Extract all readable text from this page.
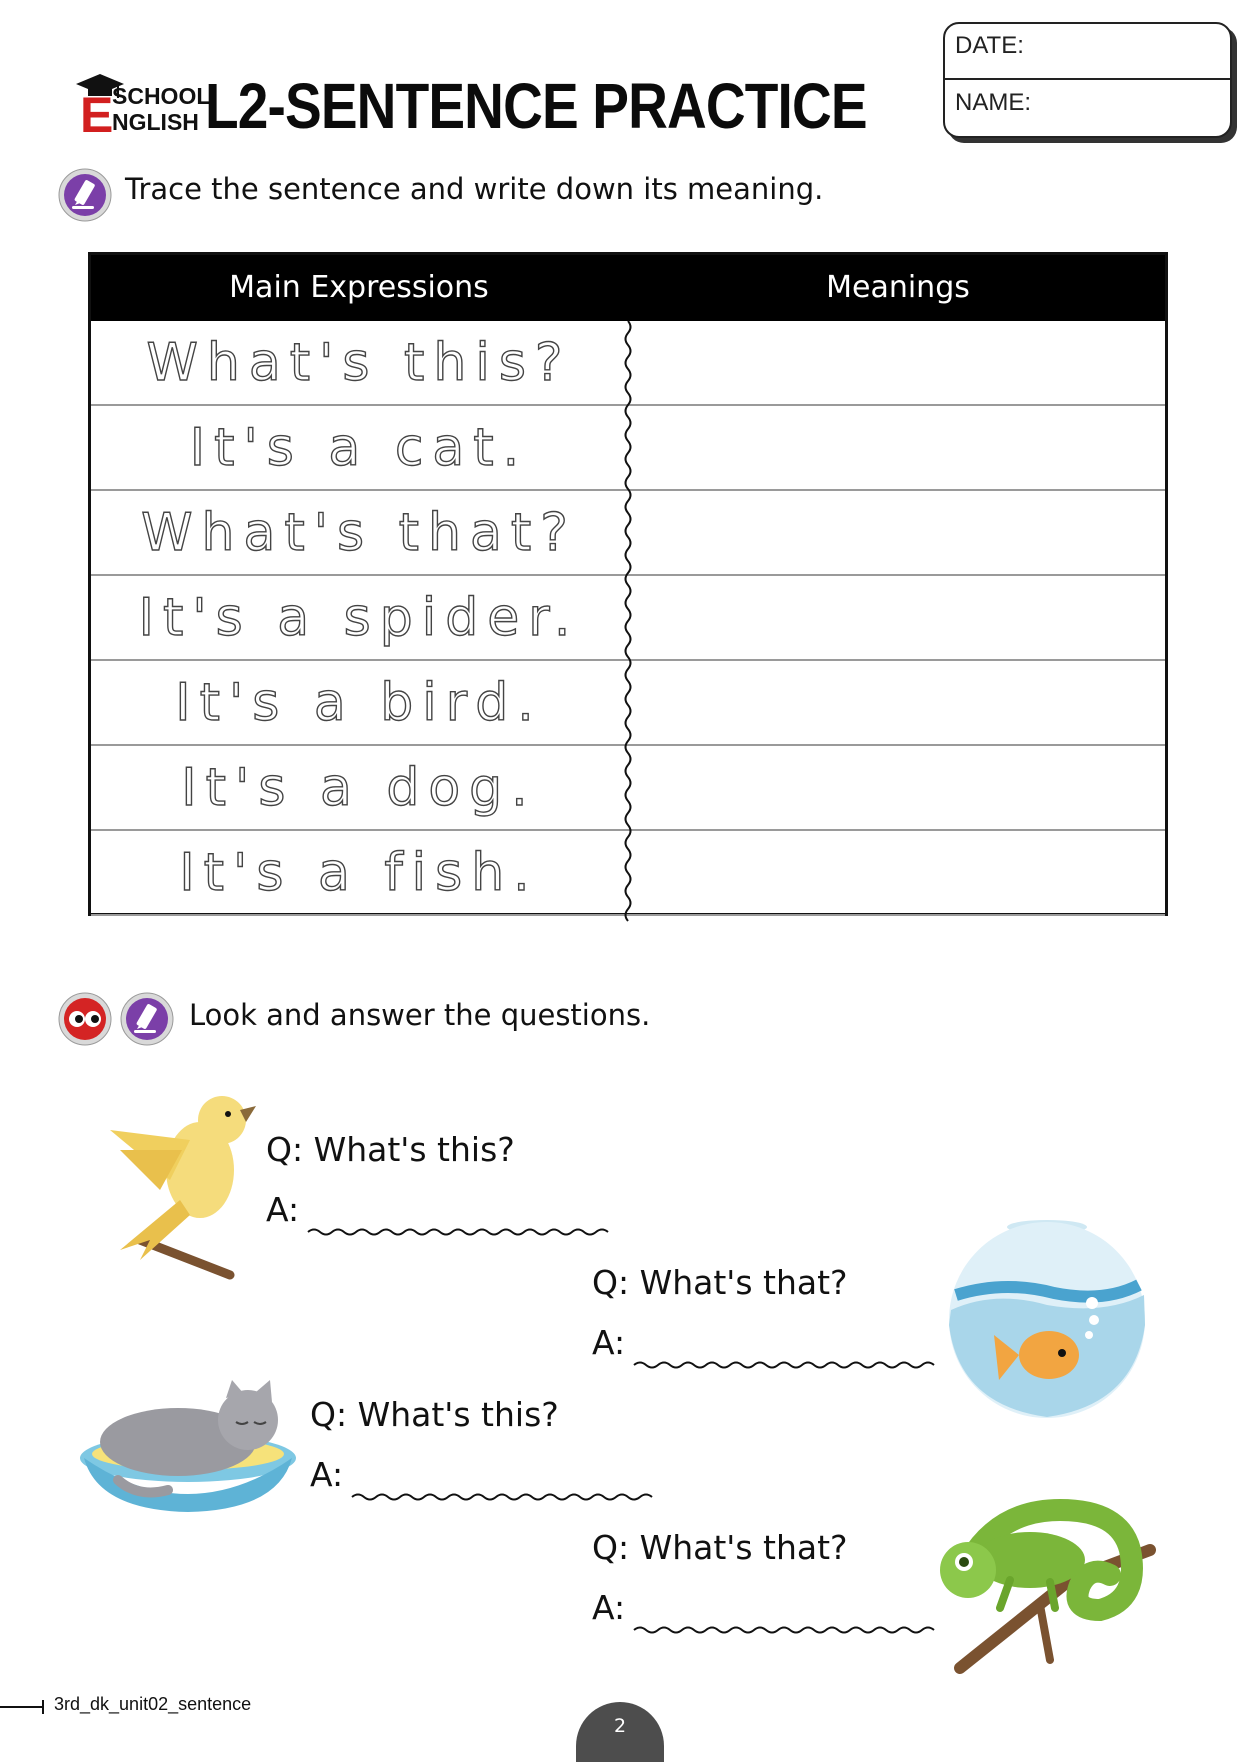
E
SCHOOL
NGLISH L2-SENTENCE PRACTICE
DATE:
NAME:
Trace the sentence and write down its meaning.
Main Expressions	Meanings
What's this?
It's a cat.
What's that?
It's a spider.
It's a bird.
It's a dog.
It's a fish.
Look and answer the questions.
Q: What's this?
A:
Q: What's that?
A:
Q: What's this?
A:
Q: What's that?
A:
3rd_dk_unit02_sentence
2
